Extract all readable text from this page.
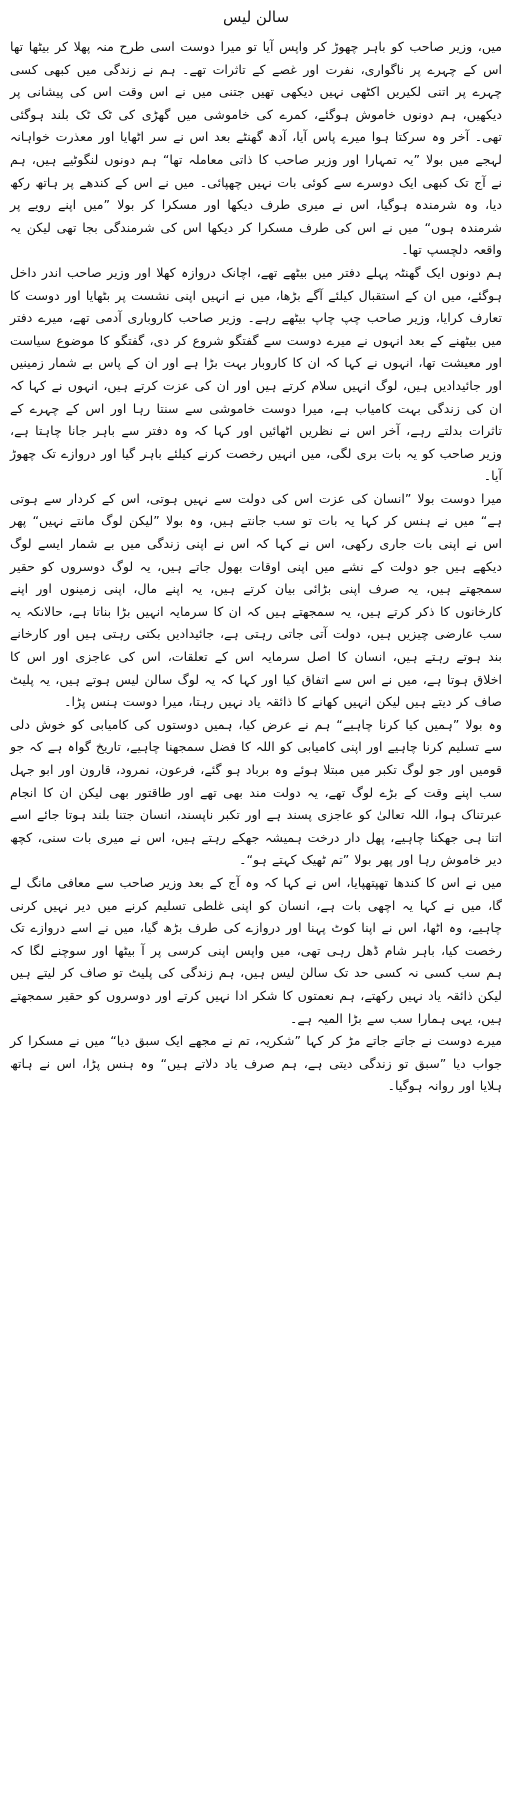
سالن لیس

میں، وزیر صاحب کو باہر چھوڑ کر واپس آیا تو میرا دوست اسی طرح منہ پھلا کر بیٹھا تھا اس کے چہرے پر ناگواری، نفرت اور غصے کے تاثرات تھے۔ ہم نے زندگی میں کبھی کسی چہرے پر اتنی لکیریں اکٹھی نہیں دیکھی تھیں جتنی میں نے اس وقت اس کی پیشانی پر دیکھیں، ہم دونوں خاموش ہوگئے، کمرے کی خاموشی میں گھڑی کی ٹک ٹک بلند ہوگئی تھی۔ آخر وہ سرکتا ہوا میرے پاس آیا، آدھ گھنٹے بعد اس نے سر اٹھایا اور معذرت خواہانہ لہجے میں بولا ”یہ تمہارا اور وزیر صاحب کا ذاتی معاملہ تھا“ ہم دونوں لنگوٹیے ہیں، ہم نے آج تک کبھی ایک دوسرے سے کوئی بات نہیں چھپائی۔ میں نے اس کے کندھے پر ہاتھ رکھ دیا، وہ شرمندہ ہوگیا، اس نے میری طرف دیکھا اور مسکرا کر بولا ”میں اپنے رویے پر شرمندہ ہوں“ میں نے اس کی طرف مسکرا کر دیکھا اس کی شرمندگی بجا تھی لیکن یہ واقعہ دلچسپ تھا۔

ہم دونوں ایک گھنٹہ پہلے دفتر میں بیٹھے تھے، اچانک دروازہ کھلا اور وزیر صاحب اندر داخل ہوگئے، میں ان کے استقبال کیلئے آگے بڑھا، میں نے انہیں اپنی نشست پر بٹھایا اور دوست کا تعارف کرایا، وزیر صاحب چپ چاپ بیٹھے رہے۔ وزیر صاحب کاروباری آدمی تھے، میرے دفتر میں بیٹھنے کے بعد انہوں نے میرے دوست سے گفتگو شروع کر دی، گفتگو کا موضوع سیاست اور معیشت تھا، انہوں نے کہا کہ ان کا کاروبار بہت بڑا ہے اور ان کے پاس بے شمار زمینیں اور جائیدادیں ہیں، لوگ انہیں سلام کرتے ہیں اور ان کی عزت کرتے ہیں، انہوں نے کہا کہ ان کی زندگی بہت کامیاب ہے، میرا دوست خاموشی سے سنتا رہا اور اس کے چہرے کے تاثرات بدلتے رہے، آخر اس نے نظریں اٹھائیں اور کہا کہ وہ دفتر سے باہر جانا چاہتا ہے، وزیر صاحب کو یہ بات بری لگی، میں انہیں رخصت کرنے کیلئے باہر گیا اور دروازے تک چھوڑ آیا۔

میرا دوست بولا ”انسان کی عزت اس کی دولت سے نہیں ہوتی، اس کے کردار سے ہوتی ہے“ میں نے ہنس کر کہا یہ بات تو سب جانتے ہیں، وہ بولا ”لیکن لوگ مانتے نہیں“ پھر اس نے اپنی بات جاری رکھی، اس نے کہا کہ اس نے اپنی زندگی میں بے شمار ایسے لوگ دیکھے ہیں جو دولت کے نشے میں اپنی اوقات بھول جاتے ہیں، یہ لوگ دوسروں کو حقیر سمجھتے ہیں، یہ صرف اپنی بڑائی بیان کرتے ہیں، یہ اپنے مال، اپنی زمینوں اور اپنے کارخانوں کا ذکر کرتے ہیں، یہ سمجھتے ہیں کہ ان کا سرمایہ انہیں بڑا بناتا ہے، حالانکہ یہ سب عارضی چیزیں ہیں، دولت آتی جاتی رہتی ہے، جائیدادیں بکتی رہتی ہیں اور کارخانے بند ہوتے رہتے ہیں، انسان کا اصل سرمایہ اس کے تعلقات، اس کی عاجزی اور اس کا اخلاق ہوتا ہے، میں نے اس سے اتفاق کیا اور کہا کہ یہ لوگ سالن لیس ہوتے ہیں، یہ پلیٹ صاف کر دیتے ہیں لیکن انہیں کھانے کا ذائقہ یاد نہیں رہتا، میرا دوست ہنس پڑا۔

وہ بولا ”ہمیں کیا کرنا چاہیے“ ہم نے عرض کیا، ہمیں دوستوں کی کامیابی کو خوش دلی سے تسلیم کرنا چاہیے اور اپنی کامیابی کو اللہ کا فضل سمجھنا چاہیے، تاریخ گواہ ہے کہ جو قومیں اور جو لوگ تکبر میں مبتلا ہوئے وہ برباد ہو گئے، فرعون، نمرود، قارون اور ابو جہل سب اپنے وقت کے بڑے لوگ تھے، یہ دولت مند بھی تھے اور طاقتور بھی لیکن ان کا انجام عبرتناک ہوا، اللہ تعالیٰ کو عاجزی پسند ہے اور تکبر ناپسند، انسان جتنا بلند ہوتا جائے اسے اتنا ہی جھکنا چاہیے، پھل دار درخت ہمیشہ جھکے رہتے ہیں، اس نے میری بات سنی، کچھ دیر خاموش رہا اور پھر بولا ”تم ٹھیک کہتے ہو“۔

میں نے اس کا کندھا تھپتھپایا، اس نے کہا کہ وہ آج کے بعد وزیر صاحب سے معافی مانگ لے گا، میں نے کہا یہ اچھی بات ہے، انسان کو اپنی غلطی تسلیم کرنے میں دیر نہیں کرنی چاہیے، وہ اٹھا، اس نے اپنا کوٹ پہنا اور دروازے کی طرف بڑھ گیا، میں نے اسے دروازے تک رخصت کیا، باہر شام ڈھل رہی تھی، میں واپس اپنی کرسی پر آ بیٹھا اور سوچنے لگا کہ ہم سب کسی نہ کسی حد تک سالن لیس ہیں، ہم زندگی کی پلیٹ تو صاف کر لیتے ہیں لیکن ذائقہ یاد نہیں رکھتے، ہم نعمتوں کا شکر ادا نہیں کرتے اور دوسروں کو حقیر سمجھتے ہیں، یہی ہمارا سب سے بڑا المیہ ہے۔

میرے دوست نے جاتے جاتے مڑ کر کہا ”شکریہ، تم نے مجھے ایک سبق دیا“ میں نے مسکرا کر جواب دیا ”سبق تو زندگی دیتی ہے، ہم صرف یاد دلاتے ہیں“ وہ ہنس پڑا، اس نے ہاتھ ہلایا اور روانہ ہوگیا۔
